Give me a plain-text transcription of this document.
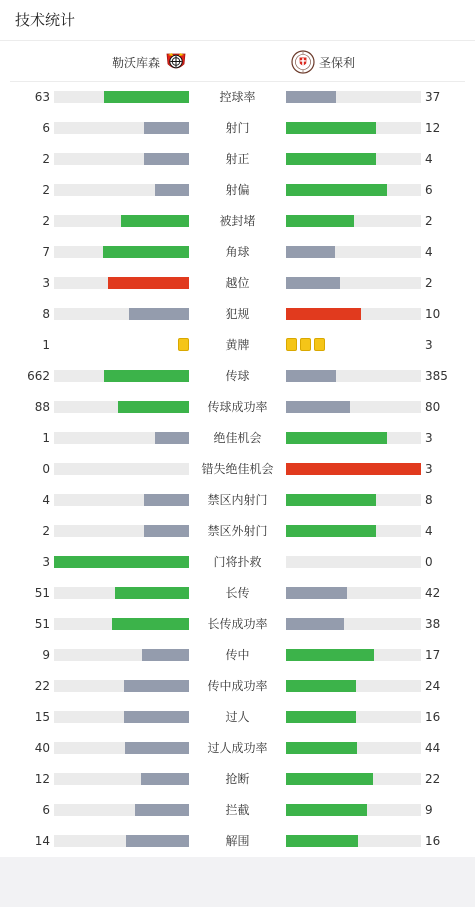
技术统计
勒沃库森	圣保利
63	控球率	37
6	射门	12
2	射正	4
2	射偏	6
2	被封堵	2
7	角球	4
3	越位	2
8	犯规	10
1	黄牌	3
662	传球	385
88	传球成功率	80
1	绝佳机会	3
0	错失绝佳机会	3
4	禁区内射门	8
2	禁区外射门	4
3	门将扑救	0
51	长传	42
51	长传成功率	38
9	传中	17
22	传中成功率	24
15	过人	16
40	过人成功率	44
12	抢断	22
6	拦截	9
14	解围	16
